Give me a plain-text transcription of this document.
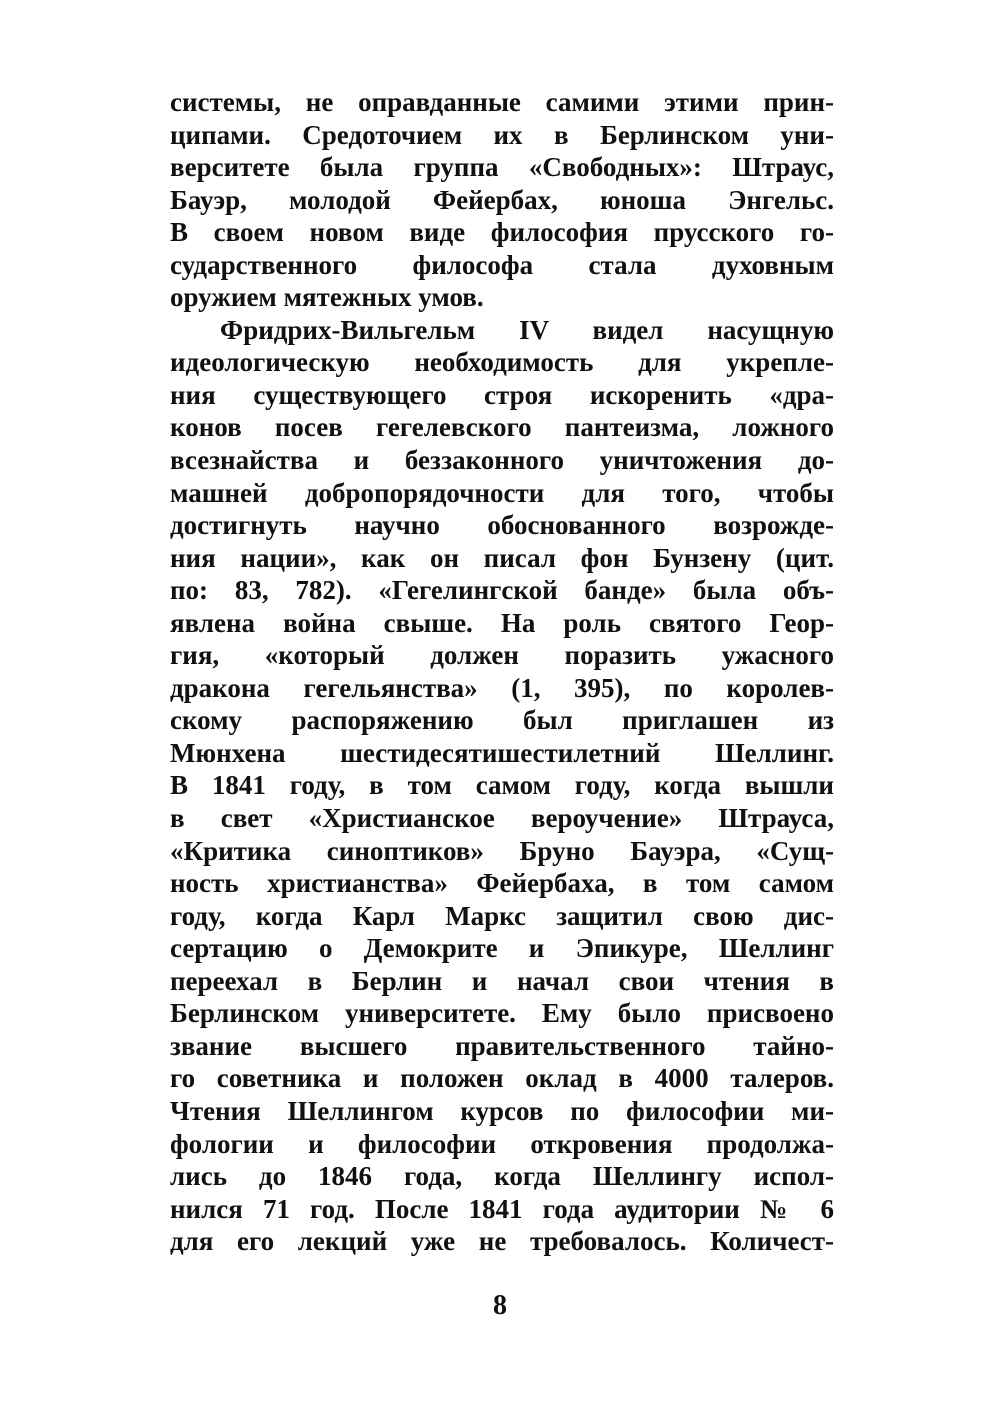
системы, не оправданные самими этими прин-
ципами. Средоточием их в Берлинском уни-
верситете была группа «Свободных»: Штраус,
Бауэр, молодой Фейербах, юноша Энгельс.
В своем новом виде философия прусского го-
сударственного философа стала духовным
оружием мятежных умов.
Фридрих-Вильгельм IV видел насущную
идеологическую необходимость для укрепле-
ния существующего строя искоренить «дра-
конов посев гегелевского пантеизма, ложного
всезнайства и беззаконного уничтожения до-
машней добропорядочности для того, чтобы
достигнуть научно обоснованного возрожде-
ния нации», как он писал фон Бунзену (цит.
по: 83, 782). «Гегелингской банде» была объ-
явлена война свыше. На роль святого Геор-
гия, «который должен поразить ужасного
дракона гегельянства» (1, 395), по королев-
скому распоряжению был приглашен из
Мюнхена шестидесятишестилетний Шеллинг.
В 1841 году, в том самом году, когда вышли
в свет «Христианское вероучение» Штрауса,
«Критика синоптиков» Бруно Бауэра, «Сущ-
ность христианства» Фейербаха, в том самом
году, когда Карл Маркс защитил свою дис-
сертацию о Демокрите и Эпикуре, Шеллинг
переехал в Берлин и начал свои чтения в
Берлинском университете. Ему было присвоено
звание высшего правительственного тайно-
го советника и положен оклад в 4000 талеров.
Чтения Шеллингом курсов по философии ми-
фологии и философии откровения продолжа-
лись до 1846 года, когда Шеллингу испол-
нился 71 год. После 1841 года аудитории № 6
для его лекций уже не требовалось. Количест-
8
